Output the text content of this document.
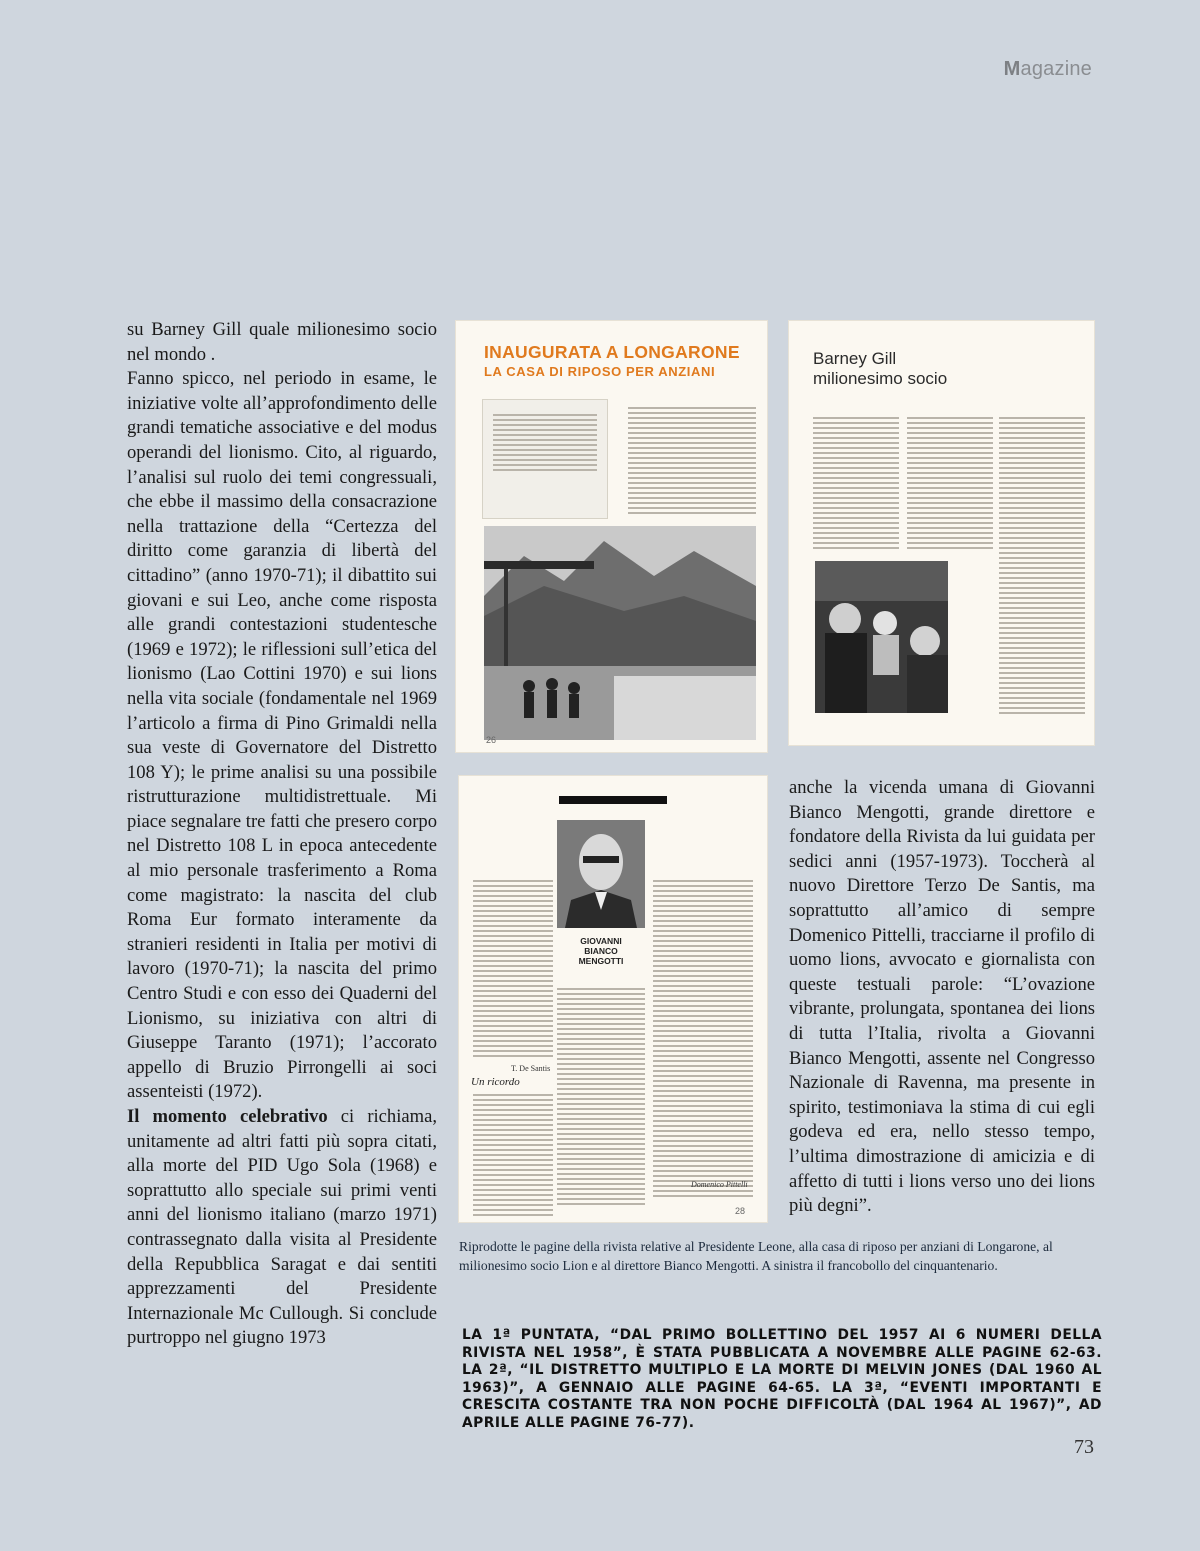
Magazine

su Barney Gill quale milionesimo socio nel mondo .

Fanno spicco, nel periodo in esame, le iniziative volte all’approfondimento delle grandi tematiche associative e del modus operandi del lionismo. Cito, al riguardo, l’analisi sul ruolo dei temi congressuali, che ebbe il massimo della consacrazione nella trattazione della “Certezza del diritto come garanzia di libertà del cittadino” (anno 1970-71); il dibattito sui giovani e sui Leo, anche come risposta alle grandi contestazioni studentesche (1969 e 1972); le riflessioni sull’etica del lionismo (Lao Cottini 1970) e sui lions nella vita sociale (fondamentale nel 1969 l’articolo a firma di Pino Grimaldi nella sua veste di Governatore del Distretto 108 Y); le prime analisi su una possibile ristrutturazione multidistrettuale. Mi piace segnalare tre fatti che presero corpo nel Distretto 108 L in epoca antecedente al mio personale trasferimento a Roma come magistrato: la nascita del club Roma Eur formato interamente da stranieri residenti in Italia per motivi di lavoro (1970-71); la nascita del primo Centro Studi e con esso dei Quaderni del Lionismo, su iniziativa con altri di Giuseppe Taranto (1971); l’accorato appello di Bruzio Pirrongelli ai soci assenteisti (1972).

Il momento celebrativo ci richiama, unitamente ad altri fatti più sopra citati, alla morte del PID Ugo Sola (1968) e soprattutto allo speciale sui primi venti anni del lionismo italiano (marzo 1971) contrassegnato dalla visita al Presidente della Repubblica Saragat e dai sentiti apprezzamenti del Presidente Internazionale Mc Cullough. Si conclude purtroppo nel giugno 1973

INAUGURATA A LONGARONE
LA CASA DI RIPOSO PER ANZIANI
26
Barney Gill
milionesimo socio
GIOVANNI
BIANCO
MENGOTTI
T. De Santis
Un ricordo
Domenico Pittelli
28

anche la vicenda umana di Giovanni Bianco Mengotti, grande direttore e fondatore della Rivista da lui guidata per sedici anni (1957-1973). Toccherà al nuovo Direttore Terzo De Santis, ma soprattutto all’amico di sempre Domenico Pittelli, tracciarne il profilo di uomo lions, avvocato e giornalista con queste testuali parole: “L’ovazione vibrante, prolungata, spontanea dei lions di tutta l’Italia, rivolta a Giovanni Bianco Mengotti, assente nel Congresso Nazionale di Ravenna, ma presente in spirito, testimoniava la stima di cui egli godeva ed era, nello stesso tempo, l’ultima dimostrazione di amicizia e di affetto di tutti i lions verso uno dei lions più degni”.

Riprodotte le pagine della rivista relative al Presidente Leone, alla casa di riposo per anziani di Longarone, al milionesimo socio Lion e al direttore Bianco Mengotti. A sinistra il francobollo del cinquantenario.
LA 1ª PUNTATA, “DAL PRIMO BOLLETTINO DEL 1957 AI 6 NUMERI DELLA RIVISTA NEL 1958”, È STATA PUBBLICATA A NOVEMBRE ALLE PAGINE 62-63. LA 2ª, “IL DISTRETTO MULTIPLO E LA MORTE DI MELVIN JONES (DAL 1960 AL 1963)”, A GENNAIO ALLE PAGINE 64-65. LA 3ª, “EVENTI IMPORTANTI E CRESCITA COSTANTE TRA NON POCHE DIFFICOLTÀ (DAL 1964 AL 1967)”, AD APRILE ALLE PAGINE 76-77).
73
